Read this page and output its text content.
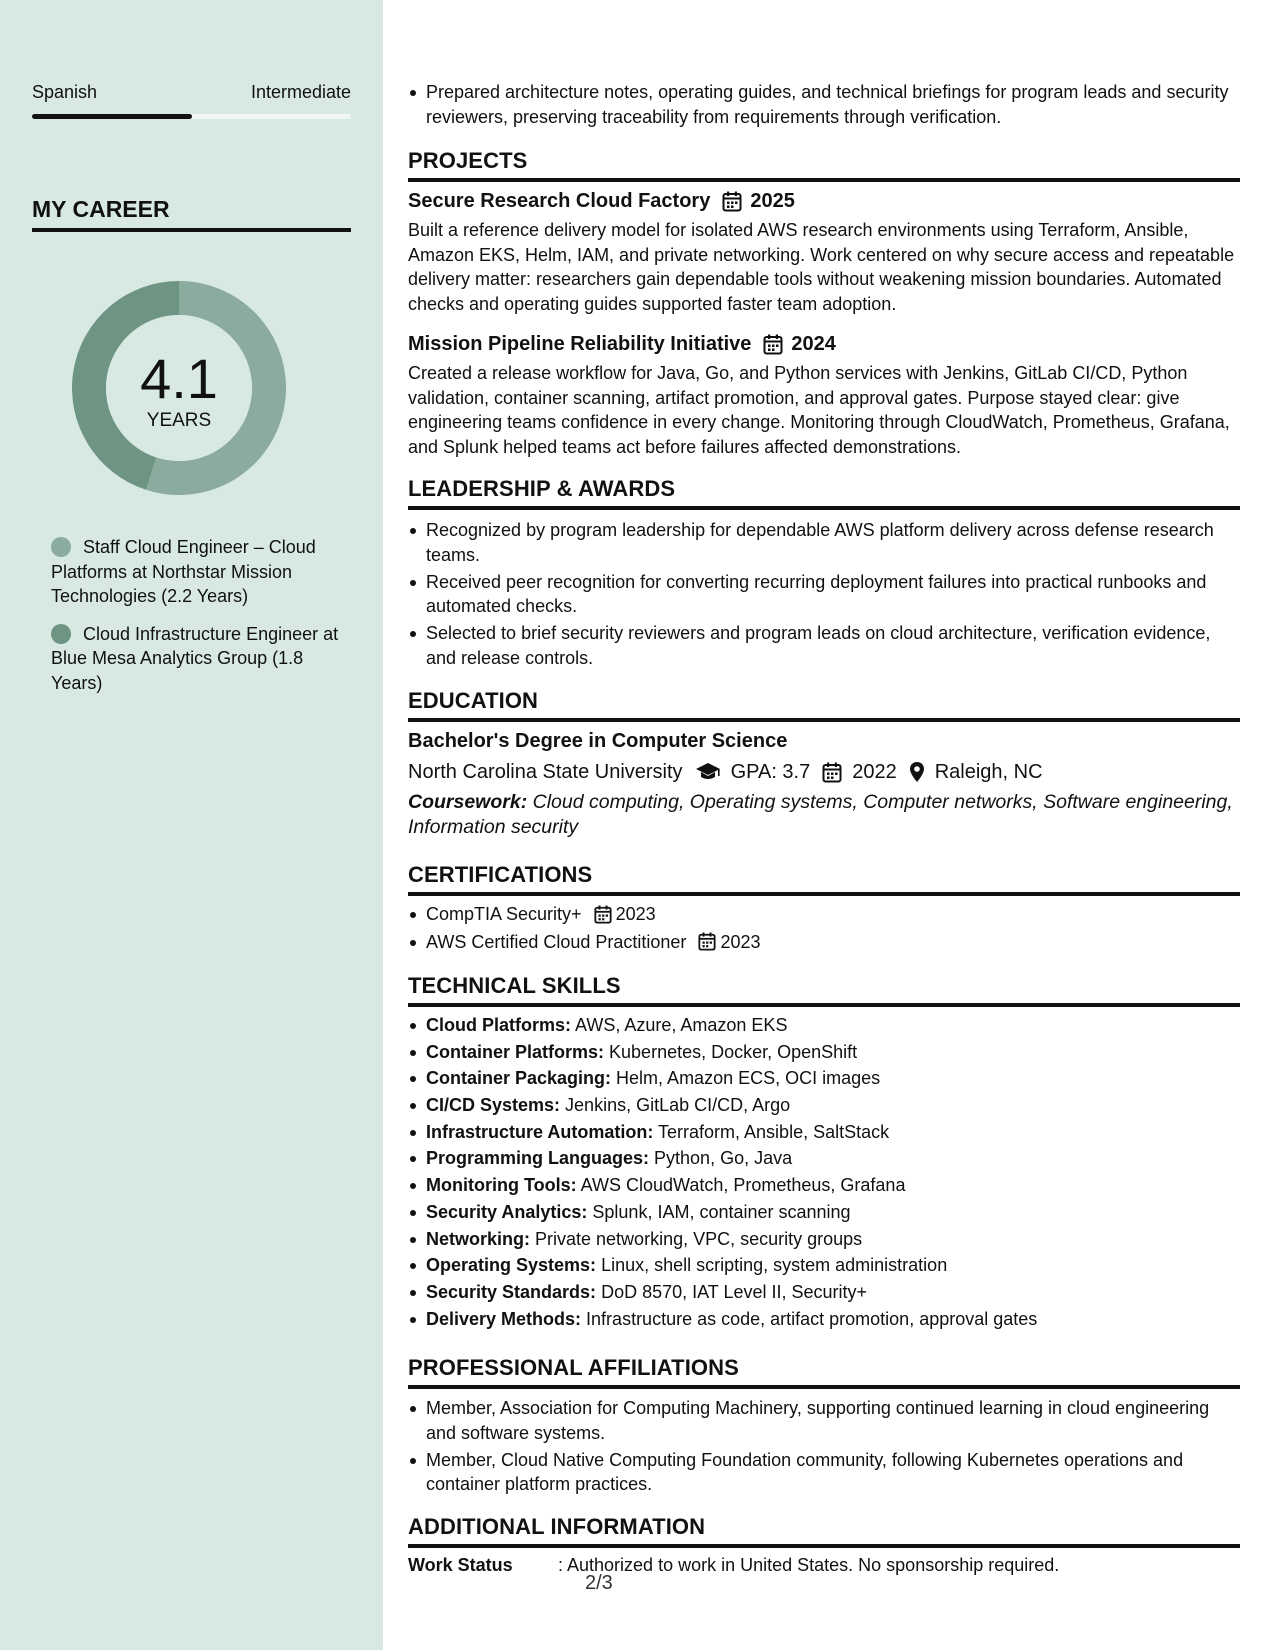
Spanish	Intermediate
MY CAREER
4.1
YEARS
Staff Cloud Engineer – Cloud Platforms at Northstar Mission Technologies (2.2 Years)
Cloud Infrastructure Engineer at Blue Mesa Analytics Group (1.8 Years)
Prepared architecture notes, operating guides, and technical briefings for program leads and security reviewers, preserving traceability from requirements through verification.
PROJECTS
Secure Research Cloud Factory 2025
Built a reference delivery model for isolated AWS research environments using Terraform, Ansible, Amazon EKS, Helm, IAM, and private networking. Work centered on why secure access and repeatable delivery matter: researchers gain dependable tools without weakening mission boundaries. Automated checks and operating guides supported faster team adoption.
Mission Pipeline Reliability Initiative 2024
Created a release workflow for Java, Go, and Python services with Jenkins, GitLab CI/CD, Python validation, container scanning, artifact promotion, and approval gates. Purpose stayed clear: give engineering teams confidence in every change. Monitoring through CloudWatch, Prometheus, Grafana, and Splunk helped teams act before failures affected demonstrations.
LEADERSHIP & AWARDS
Recognized by program leadership for dependable AWS platform delivery across defense research teams.
Received peer recognition for converting recurring deployment failures into practical runbooks and automated checks.
Selected to brief security reviewers and program leads on cloud architecture, verification evidence, and release controls.
EDUCATION
Bachelor's Degree in Computer Science
North Carolina State University GPA: 3.7 2022 Raleigh, NC
Coursework: Cloud computing, Operating systems, Computer networks, Software engineering, Information security
CERTIFICATIONS
CompTIA Security+ 2023
AWS Certified Cloud Practitioner 2023
TECHNICAL SKILLS
Cloud Platforms: AWS, Azure, Amazon EKS
Container Platforms: Kubernetes, Docker, OpenShift
Container Packaging: Helm, Amazon ECS, OCI images
CI/CD Systems: Jenkins, GitLab CI/CD, Argo
Infrastructure Automation: Terraform, Ansible, SaltStack
Programming Languages: Python, Go, Java
Monitoring Tools: AWS CloudWatch, Prometheus, Grafana
Security Analytics: Splunk, IAM, container scanning
Networking: Private networking, VPC, security groups
Operating Systems: Linux, shell scripting, system administration
Security Standards: DoD 8570, IAT Level II, Security+
Delivery Methods: Infrastructure as code, artifact promotion, approval gates
PROFESSIONAL AFFILIATIONS
Member, Association for Computing Machinery, supporting continued learning in cloud engineering and software systems.
Member, Cloud Native Computing Foundation community, following Kubernetes operations and container platform practices.
ADDITIONAL INFORMATION
Work Status	: Authorized to work in United States. No sponsorship required.
2/3
